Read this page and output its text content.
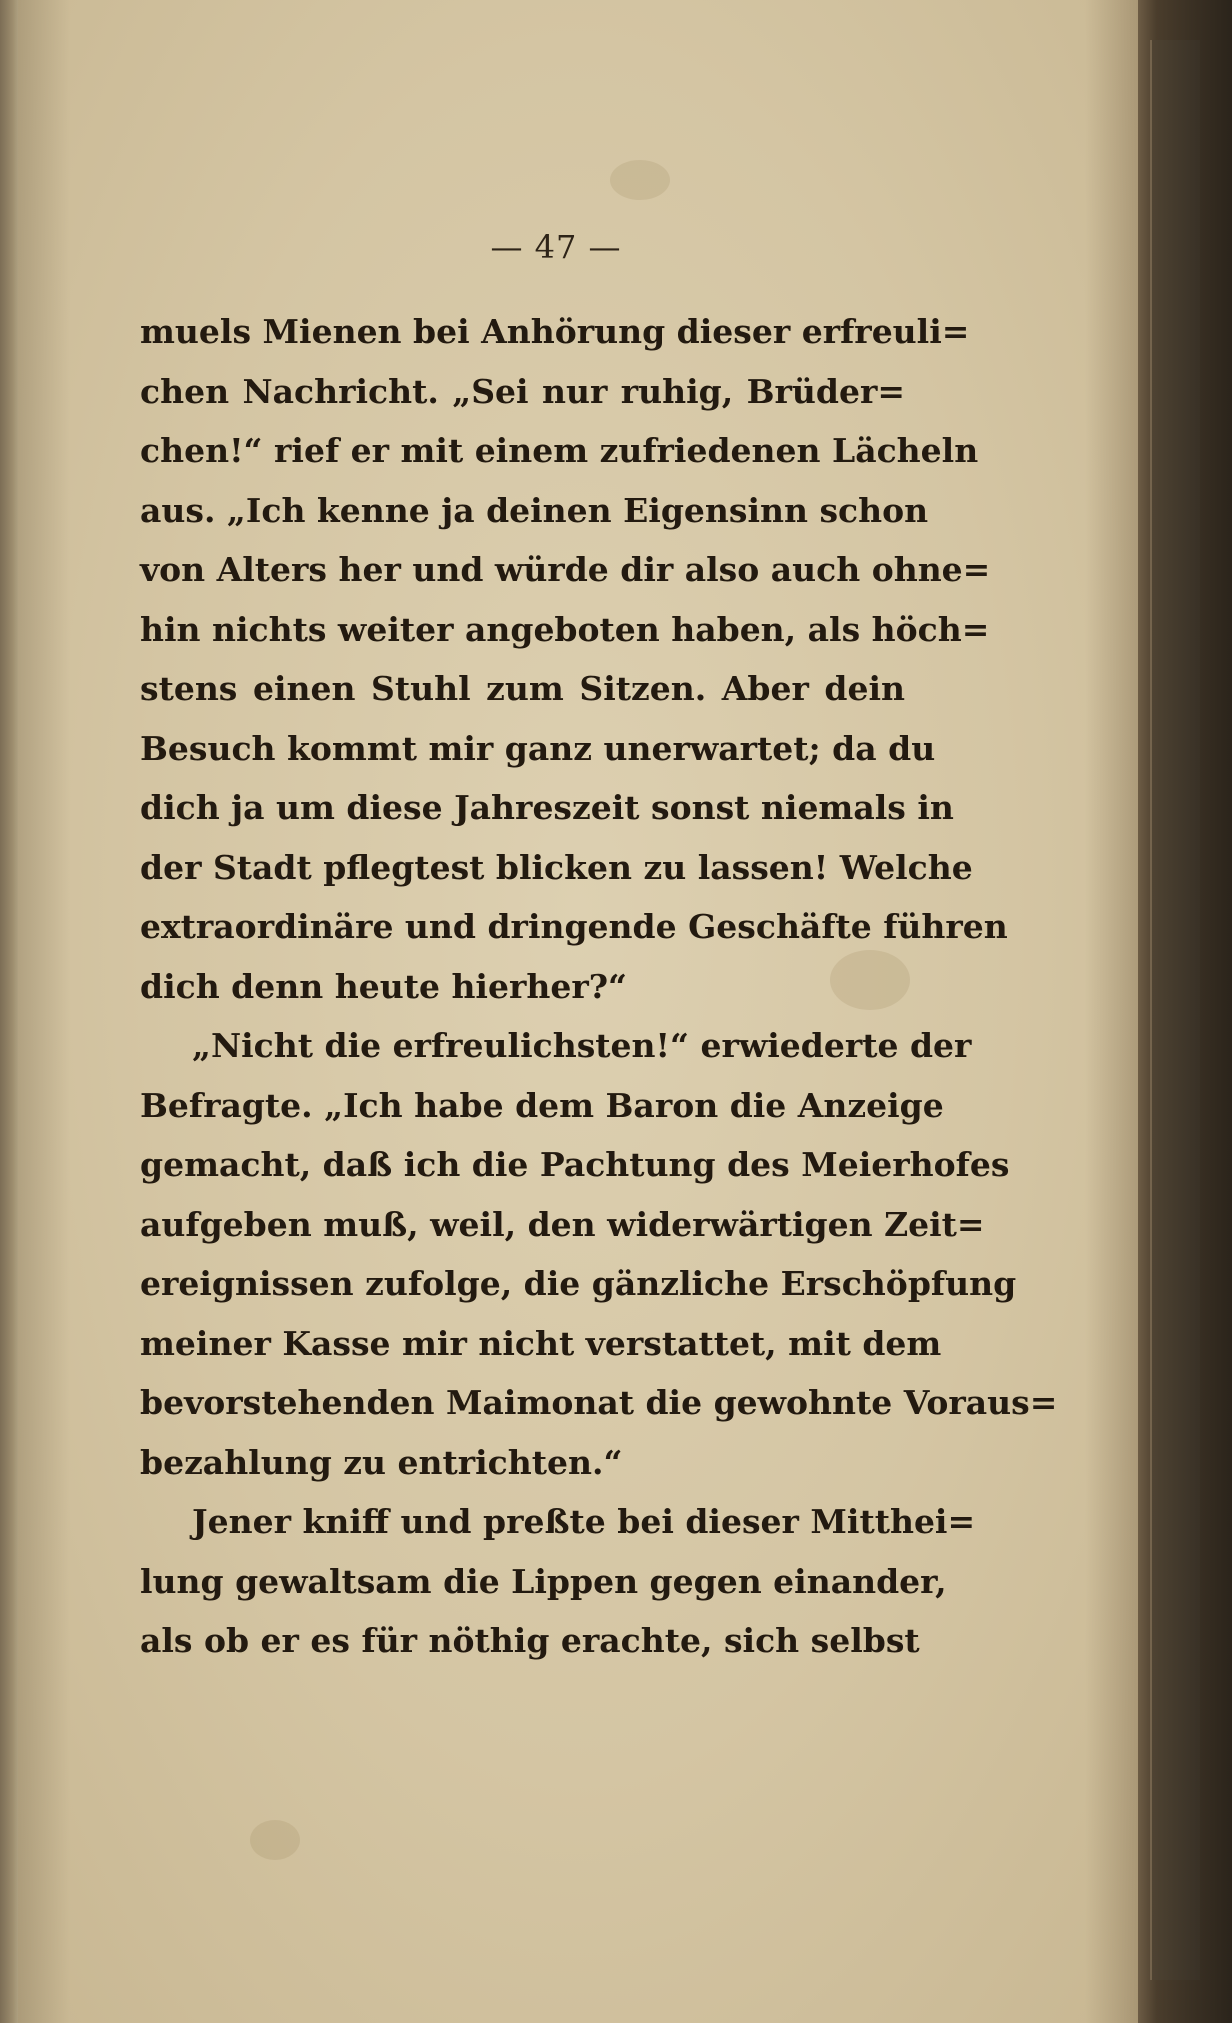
— 47 —
muels Mienen bei Anhörung dieser erfreuli=
chen Nachricht. „Sei nur ruhig, Brüder=
chen!“ rief er mit einem zufriedenen Lächeln
aus. „Ich kenne ja deinen Eigensinn schon
von Alters her und würde dir also auch ohne=
hin nichts weiter angeboten haben, als höch=
stens einen Stuhl zum Sitzen. Aber dein
Besuch kommt mir ganz unerwartet; da du
dich ja um diese Jahreszeit sonst niemals in
der Stadt pflegtest blicken zu lassen! Welche
extraordinäre und dringende Geschäfte führen
dich denn heute hierher?“
„Nicht die erfreulichsten!“ erwiederte der
Befragte. „Ich habe dem Baron die Anzeige
gemacht, daß ich die Pachtung des Meierhofes
aufgeben muß, weil, den widerwärtigen Zeit=
ereignissen zufolge, die gänzliche Erschöpfung
meiner Kasse mir nicht verstattet, mit dem
bevorstehenden Maimonat die gewohnte Voraus=
bezahlung zu entrichten.“
Jener kniff und preßte bei dieser Mitthei=
lung gewaltsam die Lippen gegen einander,
als ob er es für nöthig erachte, sich selbst
